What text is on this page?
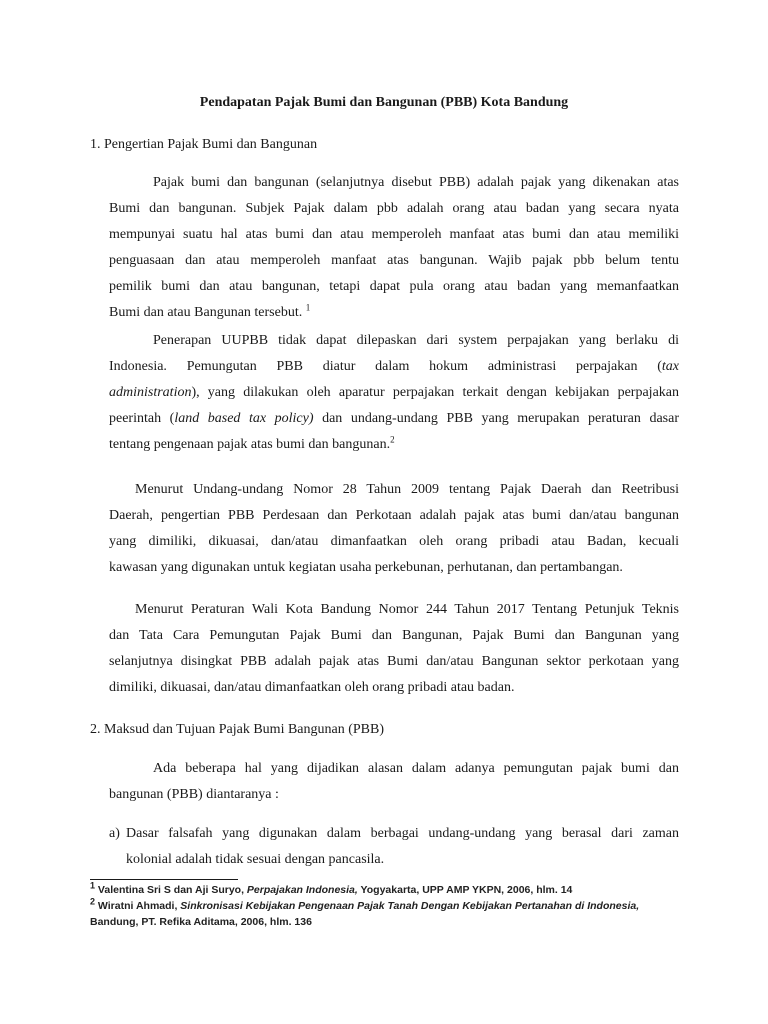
Pendapatan Pajak Bumi dan Bangunan (PBB) Kota Bandung
1. Pengertian Pajak Bumi dan Bangunan
Pajak bumi dan bangunan (selanjutnya disebut PBB) adalah pajak yang dikenakan atas
Bumi dan bangunan. Subjek Pajak dalam pbb adalah orang atau badan yang secara nyata
mempunyai suatu hal atas bumi dan atau memperoleh manfaat atas bumi dan atau memiliki
penguasaan dan atau memperoleh manfaat atas bangunan. Wajib pajak pbb belum tentu
pemilik bumi dan atau bangunan, tetapi dapat pula orang atau badan yang memanfaatkan
Bumi dan atau Bangunan tersebut. $^1$
Penerapan UUPBB tidak dapat dilepaskan dari system perpajakan yang berlaku di
Indonesia. Pemungutan PBB diatur dalam hokum administrasi perpajakan (tax
administration), yang dilakukan oleh aparatur perpajakan terkait dengan kebijakan perpajakan
peerintah (land based tax policy) dan undang-undang PBB yang merupakan peraturan dasar
tentang pengenaan pajak atas bumi dan bangunan.$^2$
Menurut Undang-undang Nomor 28 Tahun 2009 tentang Pajak Daerah dan Reetribusi
Daerah, pengertian PBB Perdesaan dan Perkotaan adalah pajak atas bumi dan/atau bangunan
yang dimiliki, dikuasai, dan/atau dimanfaatkan oleh orang pribadi atau Badan, kecuali
kawasan yang digunakan untuk kegiatan usaha perkebunan, perhutanan, dan pertambangan.
Menurut Peraturan Wali Kota Bandung Nomor 244 Tahun 2017 Tentang Petunjuk Teknis
dan Tata Cara Pemungutan Pajak Bumi dan Bangunan, Pajak Bumi dan Bangunan yang
selanjutnya disingkat PBB adalah pajak atas Bumi dan/atau Bangunan sektor perkotaan yang
dimiliki, dikuasai, dan/atau dimanfaatkan oleh orang pribadi atau badan.
2. Maksud dan Tujuan Pajak Bumi Bangunan (PBB)
Ada beberapa hal yang dijadikan alasan dalam adanya pemungutan pajak bumi dan
bangunan (PBB) diantaranya :
a) Dasar falsafah yang digunakan dalam berbagai undang-undang yang berasal dari zaman
kolonial adalah tidak sesuai dengan pancasila.
$^1$ Valentina Sri S dan Aji Suryo, Perpajakan Indonesia, Yogyakarta, UPP AMP YKPN, 2006, hlm. 14
$^2$ Wiratni Ahmadi, Sinkronisasi Kebijakan Pengenaan Pajak Tanah Dengan Kebijakan Pertanahan di Indonesia,
Bandung, PT. Refika Aditama, 2006, hlm. 136
